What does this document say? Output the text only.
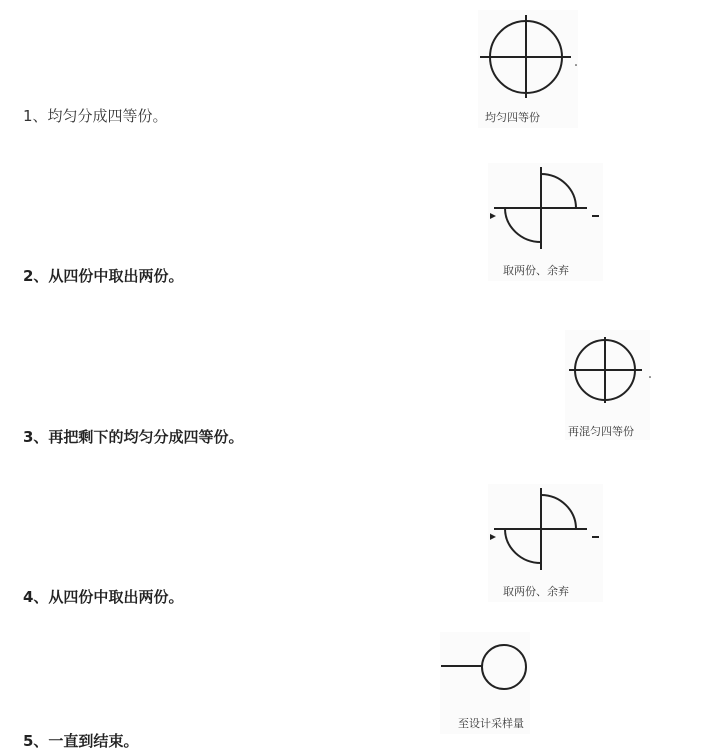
1、均匀分成四等份。
2、从四份中取出两份。
3、再把剩下的均匀分成四等份。
4、从四份中取出两份。
5、一直到结束。
均匀四等份
取两份、余弃
再混匀四等份
取两份、余弃
至设计采样量
